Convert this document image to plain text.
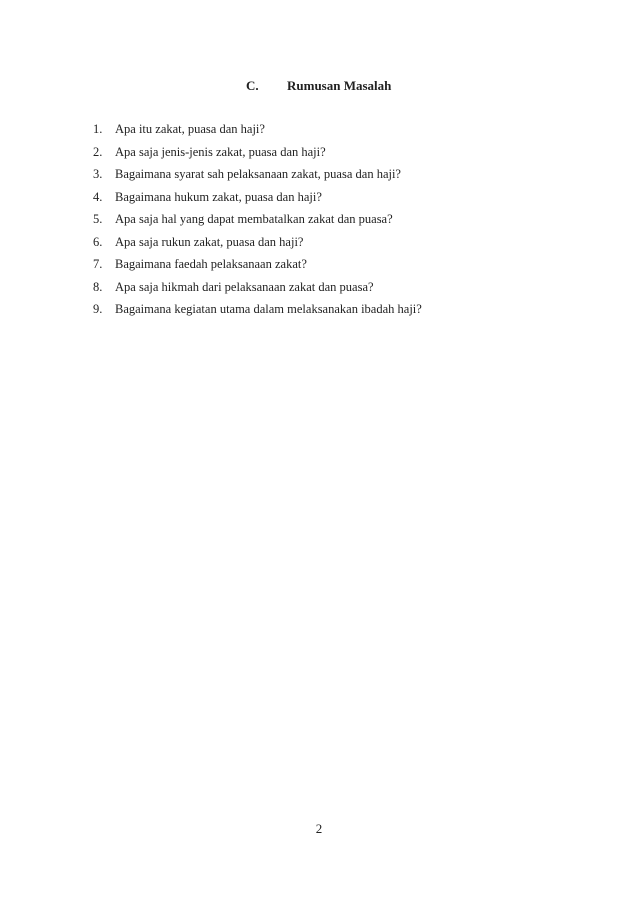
C. Rumusan Masalah
1.	Apa itu zakat, puasa dan haji?
2.	Apa saja jenis-jenis zakat, puasa dan haji?
3.	Bagaimana syarat sah pelaksanaan zakat, puasa dan haji?
4.	Bagaimana hukum zakat, puasa dan haji?
5.	Apa saja hal yang dapat membatalkan zakat dan puasa?
6.	Apa saja rukun zakat, puasa dan haji?
7.	Bagaimana faedah pelaksanaan zakat?
8.	Apa saja hikmah dari pelaksanaan zakat dan puasa?
9.	Bagaimana kegiatan utama dalam melaksanakan ibadah haji?
2
